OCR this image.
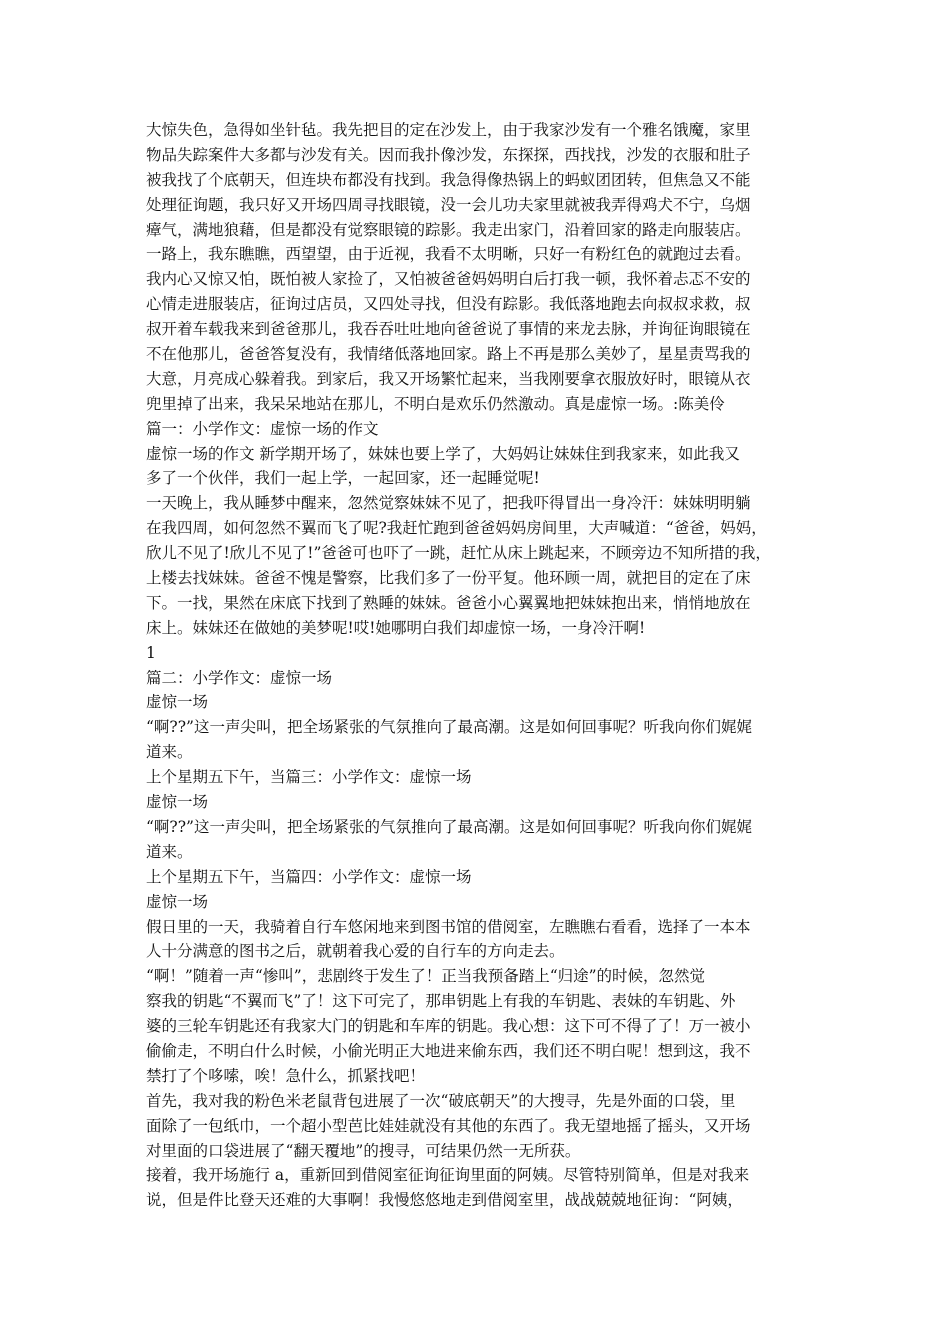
大惊失色，急得如坐针毡。我先把目的定在沙发上，由于我家沙发有一个雅名饿魔，家里
物品失踪案件大多都与沙发有关。因而我扑像沙发，东探探，西找找，沙发的衣服和肚子
被我找了个底朝天，但连块布都没有找到。我急得像热锅上的蚂蚁团团转，但焦急又不能
处理征询题，我只好又开场四周寻找眼镜，没一会儿功夫家里就被我弄得鸡犬不宁，乌烟
瘴气，满地狼藉，但是都没有觉察眼镜的踪影。我走出家门，沿着回家的路走向服装店。
一路上，我东瞧瞧，西望望，由于近视，我看不太明晰，只好一有粉红色的就跑过去看。
我内心又惊又怕，既怕被人家捡了，又怕被爸爸妈妈明白后打我一顿，我怀着忐忑不安的
心情走进服装店，征询过店员，又四处寻找，但没有踪影。我低落地跑去向叔叔求救，叔
叔开着车载我来到爸爸那儿，我吞吞吐吐地向爸爸说了事情的来龙去脉，并询征询眼镜在
不在他那儿，爸爸答复没有，我情绪低落地回家。路上不再是那么美妙了，星星责骂我的
大意，月亮成心躲着我。到家后，我又开场繁忙起来，当我刚要拿衣服放好时，眼镜从衣
兜里掉了出来，我呆呆地站在那儿，不明白是欢乐仍然激动。真是虚惊一场。:陈美伶
篇一：小学作文：虚惊一场的作文
虚惊一场的作文 新学期开场了，妹妹也要上学了，大妈妈让妹妹住到我家来，如此我又
多了一个伙伴，我们一起上学，一起回家，还一起睡觉呢!
一天晚上，我从睡梦中醒来，忽然觉察妹妹不见了，把我吓得冒出一身冷汗：妹妹明明躺
在我四周，如何忽然不翼而飞了呢?我赶忙跑到爸爸妈妈房间里，大声喊道：“爸爸，妈妈，
欣儿不见了!欣儿不见了!”爸爸可也吓了一跳，赶忙从床上跳起来，不顾旁边不知所措的我，
上楼去找妹妹。爸爸不愧是警察，比我们多了一份平复。他环顾一周，就把目的定在了床
下。一找，果然在床底下找到了熟睡的妹妹。爸爸小心翼翼地把妹妹抱出来，悄悄地放在
床上。妹妹还在做她的美梦呢!哎!她哪明白我们却虚惊一场，一身冷汗啊!
1
篇二：小学作文：虚惊一场
虚惊一场
“啊??”这一声尖叫，把全场紧张的气氛推向了最高潮。这是如何回事呢？听我向你们娓娓
道来。
上个星期五下午，当篇三：小学作文：虚惊一场
虚惊一场
“啊??”这一声尖叫，把全场紧张的气氛推向了最高潮。这是如何回事呢？听我向你们娓娓
道来。
上个星期五下午，当篇四：小学作文：虚惊一场
虚惊一场
假日里的一天，我骑着自行车悠闲地来到图书馆的借阅室，左瞧瞧右看看，选择了一本本
人十分满意的图书之后，就朝着我心爱的自行车的方向走去。
“啊！”随着一声“惨叫”，悲剧终于发生了！正当我预备踏上“归途”的时候，忽然觉
察我的钥匙“不翼而飞”了！这下可完了，那串钥匙上有我的车钥匙、表妹的车钥匙、外
婆的三轮车钥匙还有我家大门的钥匙和车库的钥匙。我心想：这下可不得了了！万一被小
偷偷走，不明白什么时候，小偷光明正大地进来偷东西，我们还不明白呢！想到这，我不
禁打了个哆嗦，唉！急什么，抓紧找吧！
首先，我对我的粉色米老鼠背包进展了一次“破底朝天”的大搜寻，先是外面的口袋，里
面除了一包纸巾，一个超小型芭比娃娃就没有其他的东西了。我无望地摇了摇头，又开场
对里面的口袋进展了“翻天覆地”的搜寻，可结果仍然一无所获。
接着，我开场施行 a，重新回到借阅室征询征询里面的阿姨。尽管特别简单，但是对我来
说，但是件比登天还难的大事啊！我慢悠悠地走到借阅室里，战战兢兢地征询：“阿姨，
